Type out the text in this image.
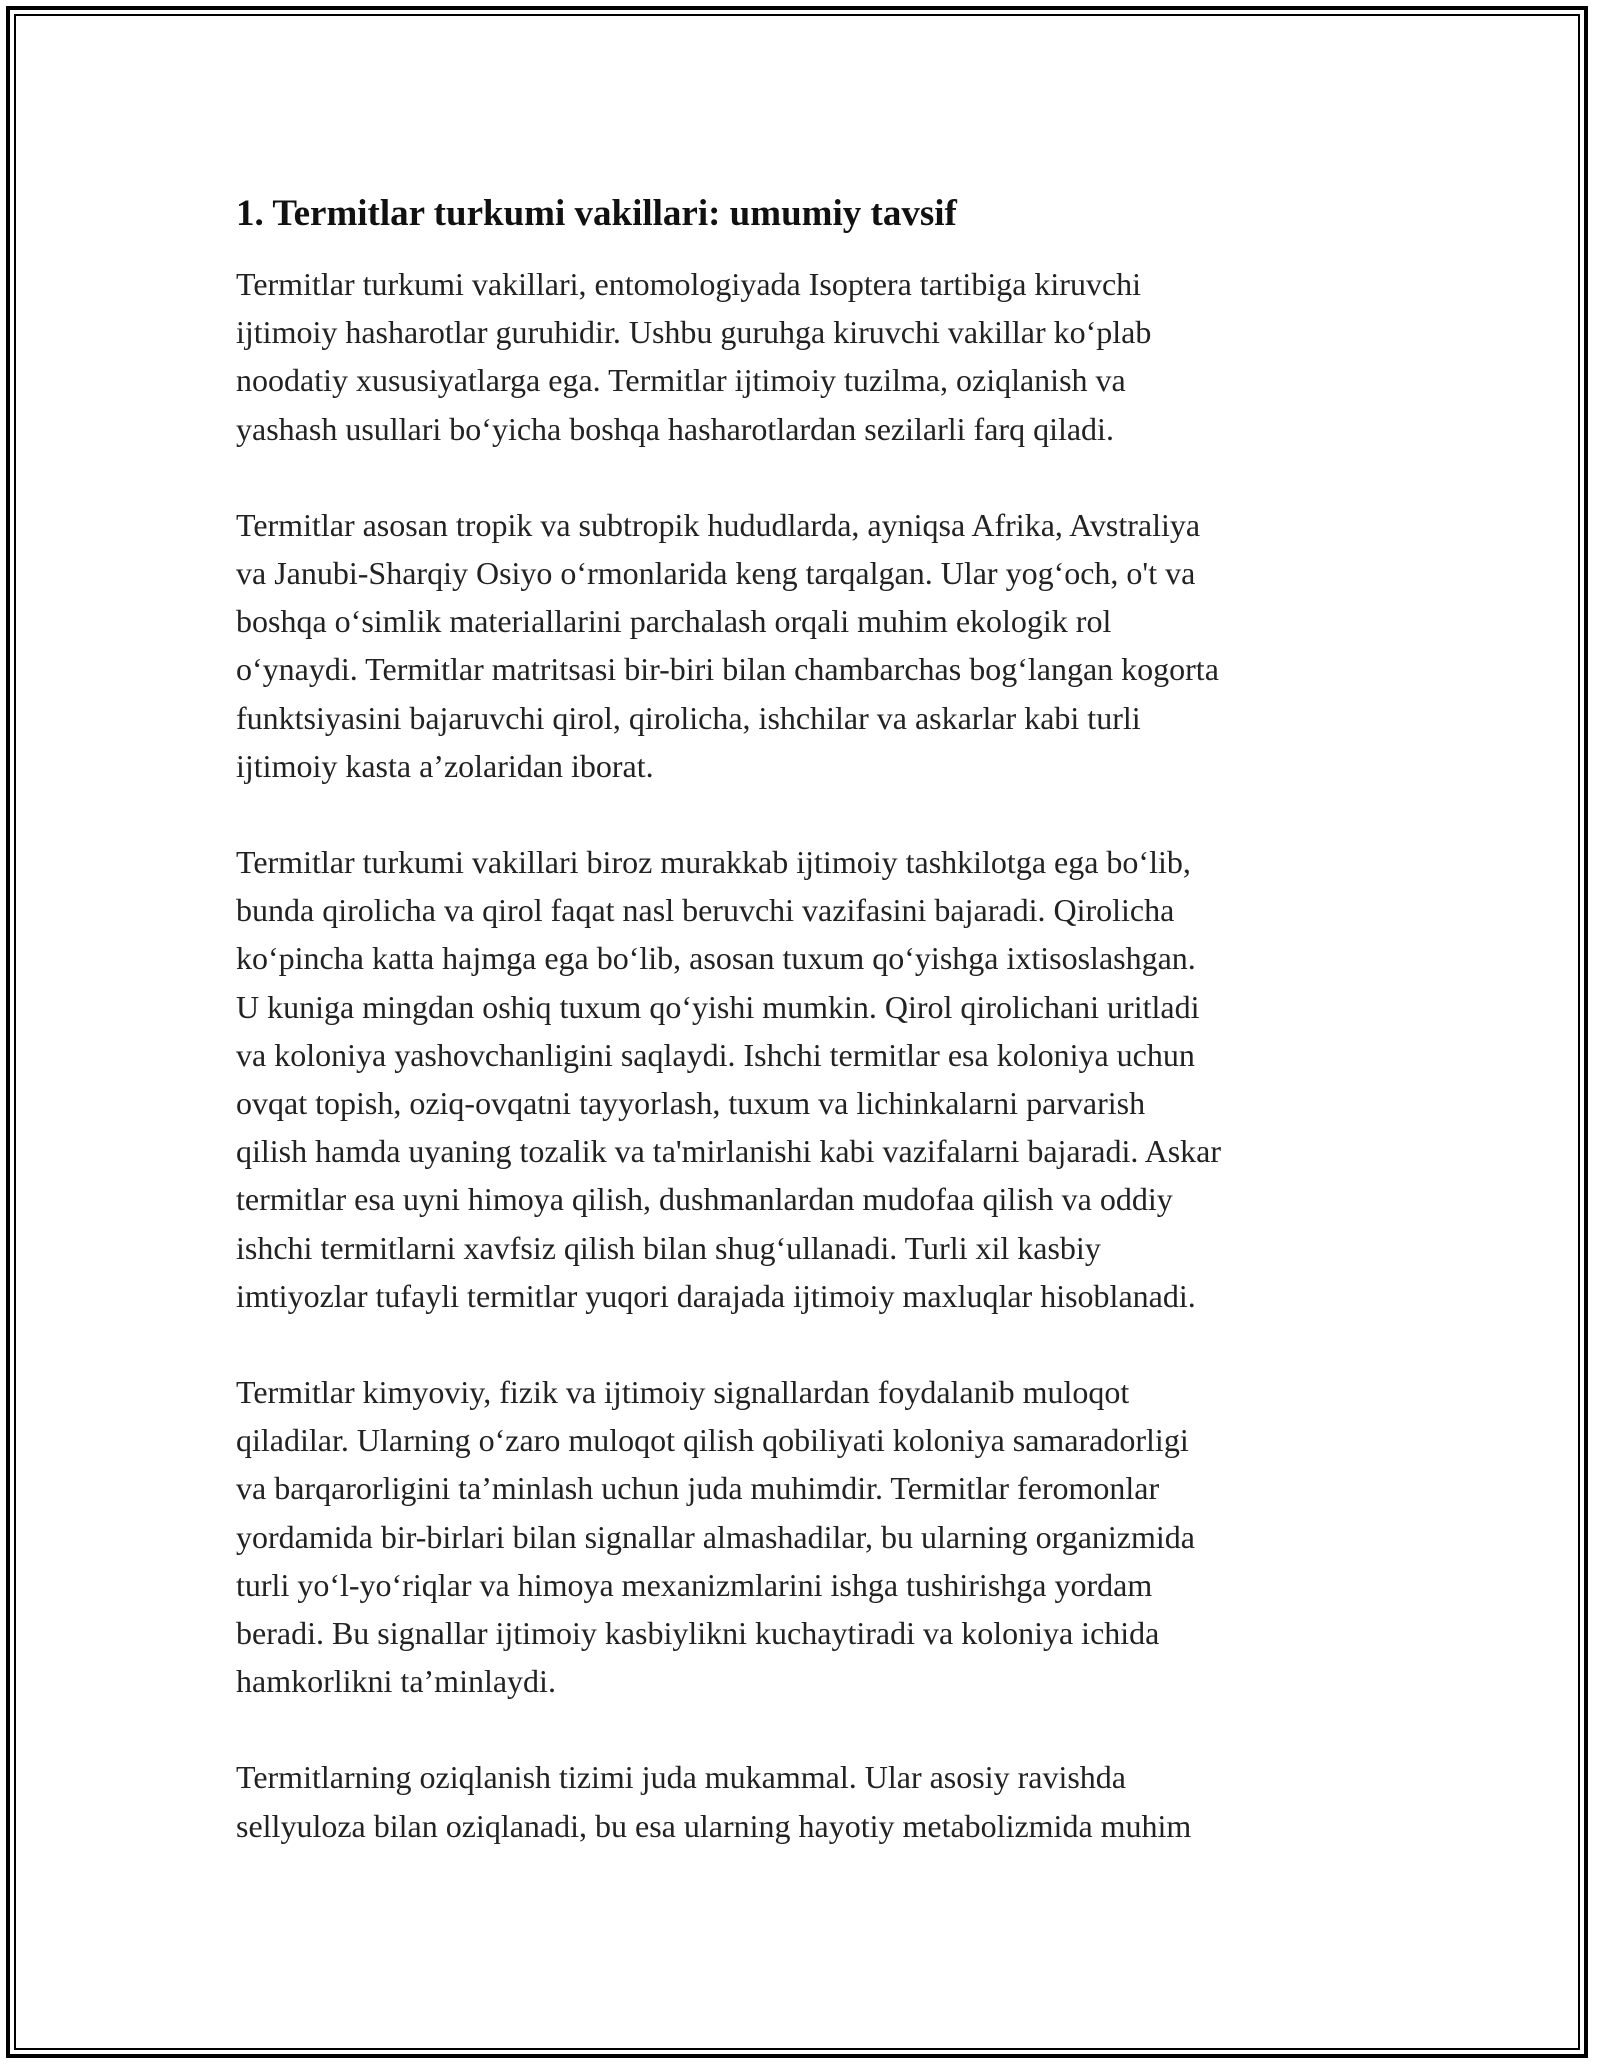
1. Termitlar turkumi vakillari: umumiy tavsif

Termitlar turkumi vakillari, entomologiyada Isoptera tartibiga kiruvchi
ijtimoiy hasharotlar guruhidir. Ushbu guruhga kiruvchi vakillar ko‘plab
noodatiy xususiyatlarga ega. Termitlar ijtimoiy tuzilma, oziqlanish va
yashash usullari bo‘yicha boshqa hasharotlardan sezilarli farq qiladi.

Termitlar asosan tropik va subtropik hududlarda, ayniqsa Afrika, Avstraliya
va Janubi-Sharqiy Osiyo o‘rmonlarida keng tarqalgan. Ular yog‘och, o't va
boshqa o‘simlik materiallarini parchalash orqali muhim ekologik rol
o‘ynaydi. Termitlar matritsasi bir-biri bilan chambarchas bog‘langan kogorta
funktsiyasini bajaruvchi qirol, qirolicha, ishchilar va askarlar kabi turli
ijtimoiy kasta a’zolaridan iborat.

Termitlar turkumi vakillari biroz murakkab ijtimoiy tashkilotga ega bo‘lib,
bunda qirolicha va qirol faqat nasl beruvchi vazifasini bajaradi. Qirolicha
ko‘pincha katta hajmga ega bo‘lib, asosan tuxum qo‘yishga ixtisoslashgan.
U kuniga mingdan oshiq tuxum qo‘yishi mumkin. Qirol qirolichani uritladi
va koloniya yashovchanligini saqlaydi. Ishchi termitlar esa koloniya uchun
ovqat topish, oziq-ovqatni tayyorlash, tuxum va lichinkalarni parvarish
qilish hamda uyaning tozalik va ta'mirlanishi kabi vazifalarni bajaradi. Askar
termitlar esa uyni himoya qilish, dushmanlardan mudofaa qilish va oddiy
ishchi termitlarni xavfsiz qilish bilan shug‘ullanadi. Turli xil kasbiy
imtiyozlar tufayli termitlar yuqori darajada ijtimoiy maxluqlar hisoblanadi.

Termitlar kimyoviy, fizik va ijtimoiy signallardan foydalanib muloqot
qiladilar. Ularning o‘zaro muloqot qilish qobiliyati koloniya samaradorligi
va barqarorligini ta’minlash uchun juda muhimdir. Termitlar feromonlar
yordamida bir-birlari bilan signallar almashadilar, bu ularning organizmida
turli yo‘l-yo‘riqlar va himoya mexanizmlarini ishga tushirishga yordam
beradi. Bu signallar ijtimoiy kasbiylikni kuchaytiradi va koloniya ichida
hamkorlikni ta’minlaydi.

Termitlarning oziqlanish tizimi juda mukammal. Ular asosiy ravishda
sellyuloza bilan oziqlanadi, bu esa ularning hayotiy metabolizmida muhim
